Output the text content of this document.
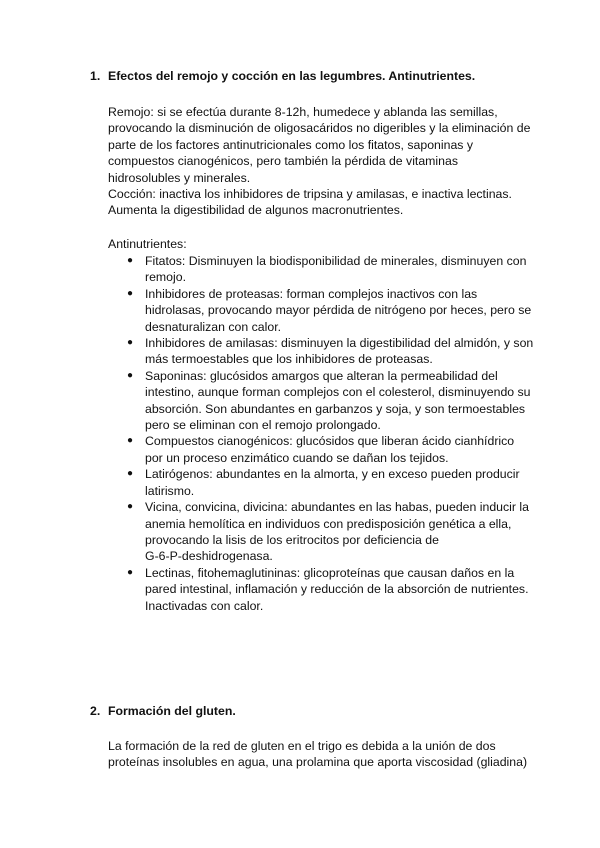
1. Efectos del remojo y cocción en las legumbres. Antinutrientes.

Remojo: si se efectúa durante 8-12h, humedece y ablanda las semillas,

provocando la disminución de oligosacáridos no digeribles y la eliminación de

parte de los factores antinutricionales como los fitatos, saponinas y

compuestos cianogénicos, pero también la pérdida de vitaminas

hidrosolubles y minerales.

Cocción: inactiva los inhibidores de tripsina y amilasas, e inactiva lectinas.

Aumenta la digestibilidad de algunos macronutrientes.

Antinutrientes:

● Fitatos: Disminuyen la biodisponibilidad de minerales, disminuyen con
remojo.
● Inhibidores de proteasas: forman complejos inactivos con las
hidrolasas, provocando mayor pérdida de nitrógeno por heces, pero se
desnaturalizan con calor.
● Inhibidores de amilasas: disminuyen la digestibilidad del almidón, y son
más termoestables que los inhibidores de proteasas.
● Saponinas: glucósidos amargos que alteran la permeabilidad del
intestino, aunque forman complejos con el colesterol, disminuyendo su
absorción. Son abundantes en garbanzos y soja, y son termoestables
pero se eliminan con el remojo prolongado.
● Compuestos cianogénicos: glucósidos que liberan ácido cianhídrico
por un proceso enzimático cuando se dañan los tejidos.
● Latirógenos: abundantes en la almorta, y en exceso pueden producir
latirismo.
● Vicina, convicina, divicina: abundantes en las habas, pueden inducir la
anemia hemolítica en individuos con predisposición genética a ella,
provocando la lisis de los eritrocitos por deficiencia de
G-6-P-deshidrogenasa.
● Lectinas, fitohemaglutininas: glicoproteínas que causan daños en la
pared intestinal, inflamación y reducción de la absorción de nutrientes.
Inactivadas con calor.
2. Formación del gluten.

La formación de la red de gluten en el trigo es debida a la unión de dos

proteínas insolubles en agua, una prolamina que aporta viscosidad (gliadina)
